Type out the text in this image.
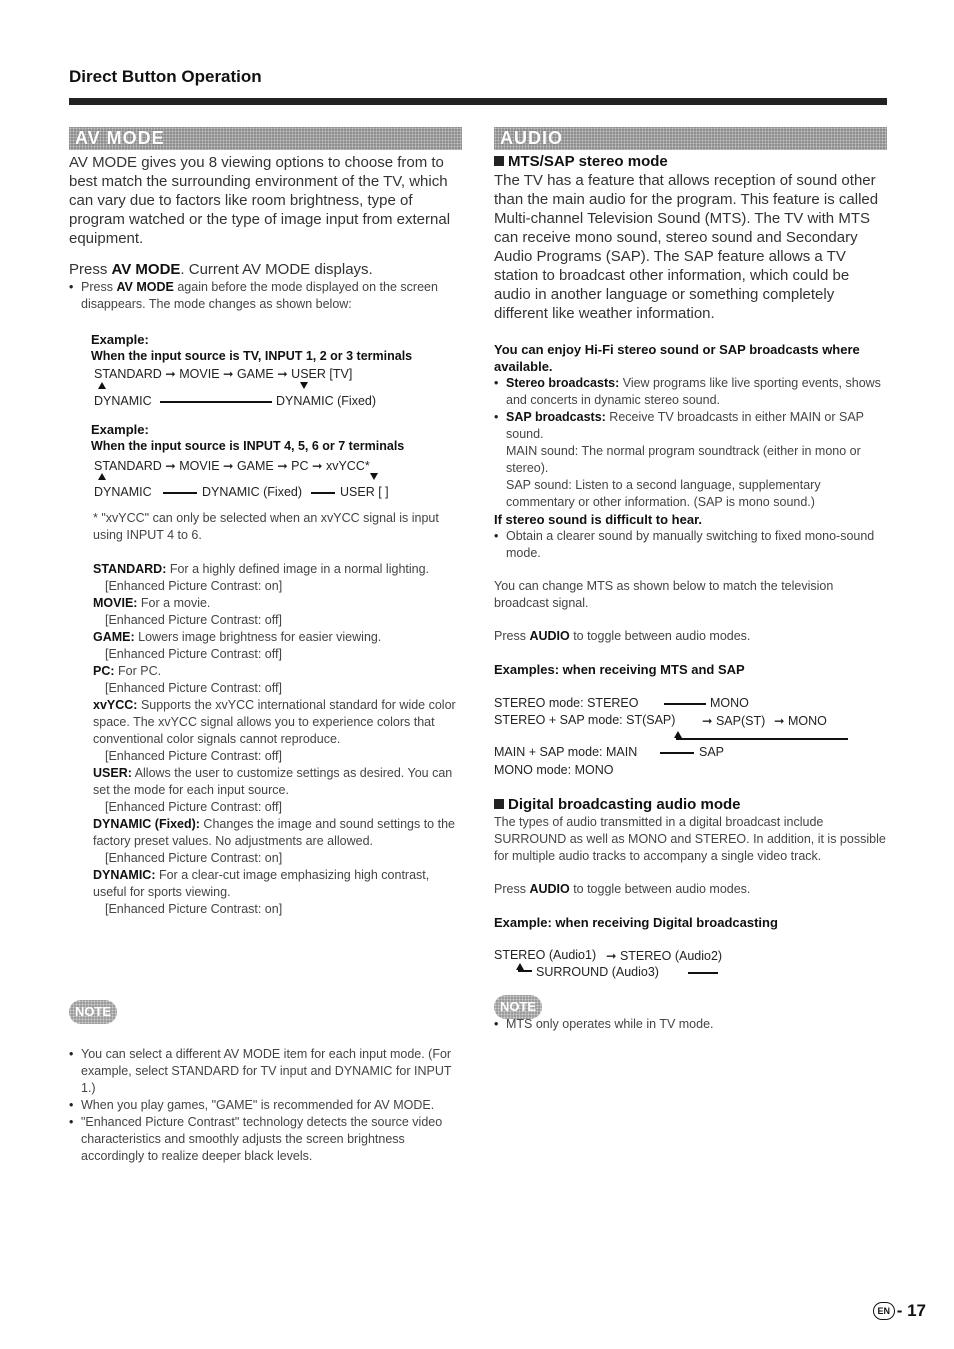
Direct Button Operation
AV MODE

AV MODE gives you 8 viewing options to choose from to best match the surrounding environment of the TV, which can vary due to factors like room brightness, type of program watched or the type of image input from external equipment.

Press AV MODE. Current AV MODE displays.

• Press AV MODE again before the mode displayed on the screen disappears. The mode changes as shown below:

Example:

When the input source is TV, INPUT 1, 2 or 3 terminals

STANDARD ➞ MOVIE ➞ GAME ➞ USER [TV]
DYNAMIC	DYNAMIC (Fixed)

Example:

When the input source is INPUT 4, 5, 6 or 7 terminals

STANDARD ➞ MOVIE ➞ GAME ➞ PC ➞ xvYCC*
DYNAMIC	DYNAMIC (Fixed)	USER [ ]

* "xvYCC" can only be selected when an xvYCC signal is input using INPUT 4 to 6.

STANDARD: For a highly defined image in a normal lighting.

[Enhanced Picture Contrast: on]

MOVIE: For a movie.

[Enhanced Picture Contrast: off]

GAME: Lowers image brightness for easier viewing.

[Enhanced Picture Contrast: off]

PC: For PC.

[Enhanced Picture Contrast: off]

xvYCC: Supports the xvYCC international standard for wide color space. The xvYCC signal allows you to experience colors that conventional color signals cannot reproduce.

[Enhanced Picture Contrast: off]

USER: Allows the user to customize settings as desired. You can set the mode for each input source.

[Enhanced Picture Contrast: off]

DYNAMIC (Fixed): Changes the image and sound settings to the factory preset values. No adjustments are allowed.

[Enhanced Picture Contrast: on]

DYNAMIC: For a clear-cut image emphasizing high contrast, useful for sports viewing.

[Enhanced Picture Contrast: on]

NOTE

• You can select a different AV MODE item for each input mode. (For example, select STANDARD for TV input and DYNAMIC for INPUT 1.)

• When you play games, "GAME" is recommended for AV MODE.

• "Enhanced Picture Contrast" technology detects the source video characteristics and smoothly adjusts the screen brightness accordingly to realize deeper black levels.

AUDIO

MTS/SAP stereo mode

The TV has a feature that allows reception of sound other than the main audio for the program. This feature is called Multi-channel Television Sound (MTS). The TV with MTS can receive mono sound, stereo sound and Secondary Audio Programs (SAP). The SAP feature allows a TV station to broadcast other information, which could be audio in another language or something completely different like weather information.

You can enjoy Hi-Fi stereo sound or SAP broadcasts where available.

• Stereo broadcasts: View programs like live sporting events, shows and concerts in dynamic stereo sound.

• SAP broadcasts: Receive TV broadcasts in either MAIN or SAP sound.

MAIN sound: The normal program soundtrack (either in mono or stereo).

SAP sound: Listen to a second language, supplementary commentary or other information. (SAP is mono sound.)

If stereo sound is difficult to hear.

• Obtain a clearer sound by manually switching to fixed mono-sound mode.

You can change MTS as shown below to match the television broadcast signal.

Press AUDIO to toggle between audio modes.

Examples: when receiving MTS and SAP

STEREO mode: STEREO	MONO
STEREO + SAP mode: ST(SAP) ➞ SAP(ST) ➞ MONO
MAIN + SAP mode: MAIN	SAP
MONO mode: MONO

Digital broadcasting audio mode

The types of audio transmitted in a digital broadcast include SURROUND as well as MONO and STEREO. In addition, it is possible for multiple audio tracks to accompany a single video track.

Press AUDIO to toggle between audio modes.

Example: when receiving Digital broadcasting

STEREO (Audio1) ➞ STEREO (Audio2)
SURROUND (Audio3)
NOTE

• MTS only operates while in TV mode.

EN - 17
